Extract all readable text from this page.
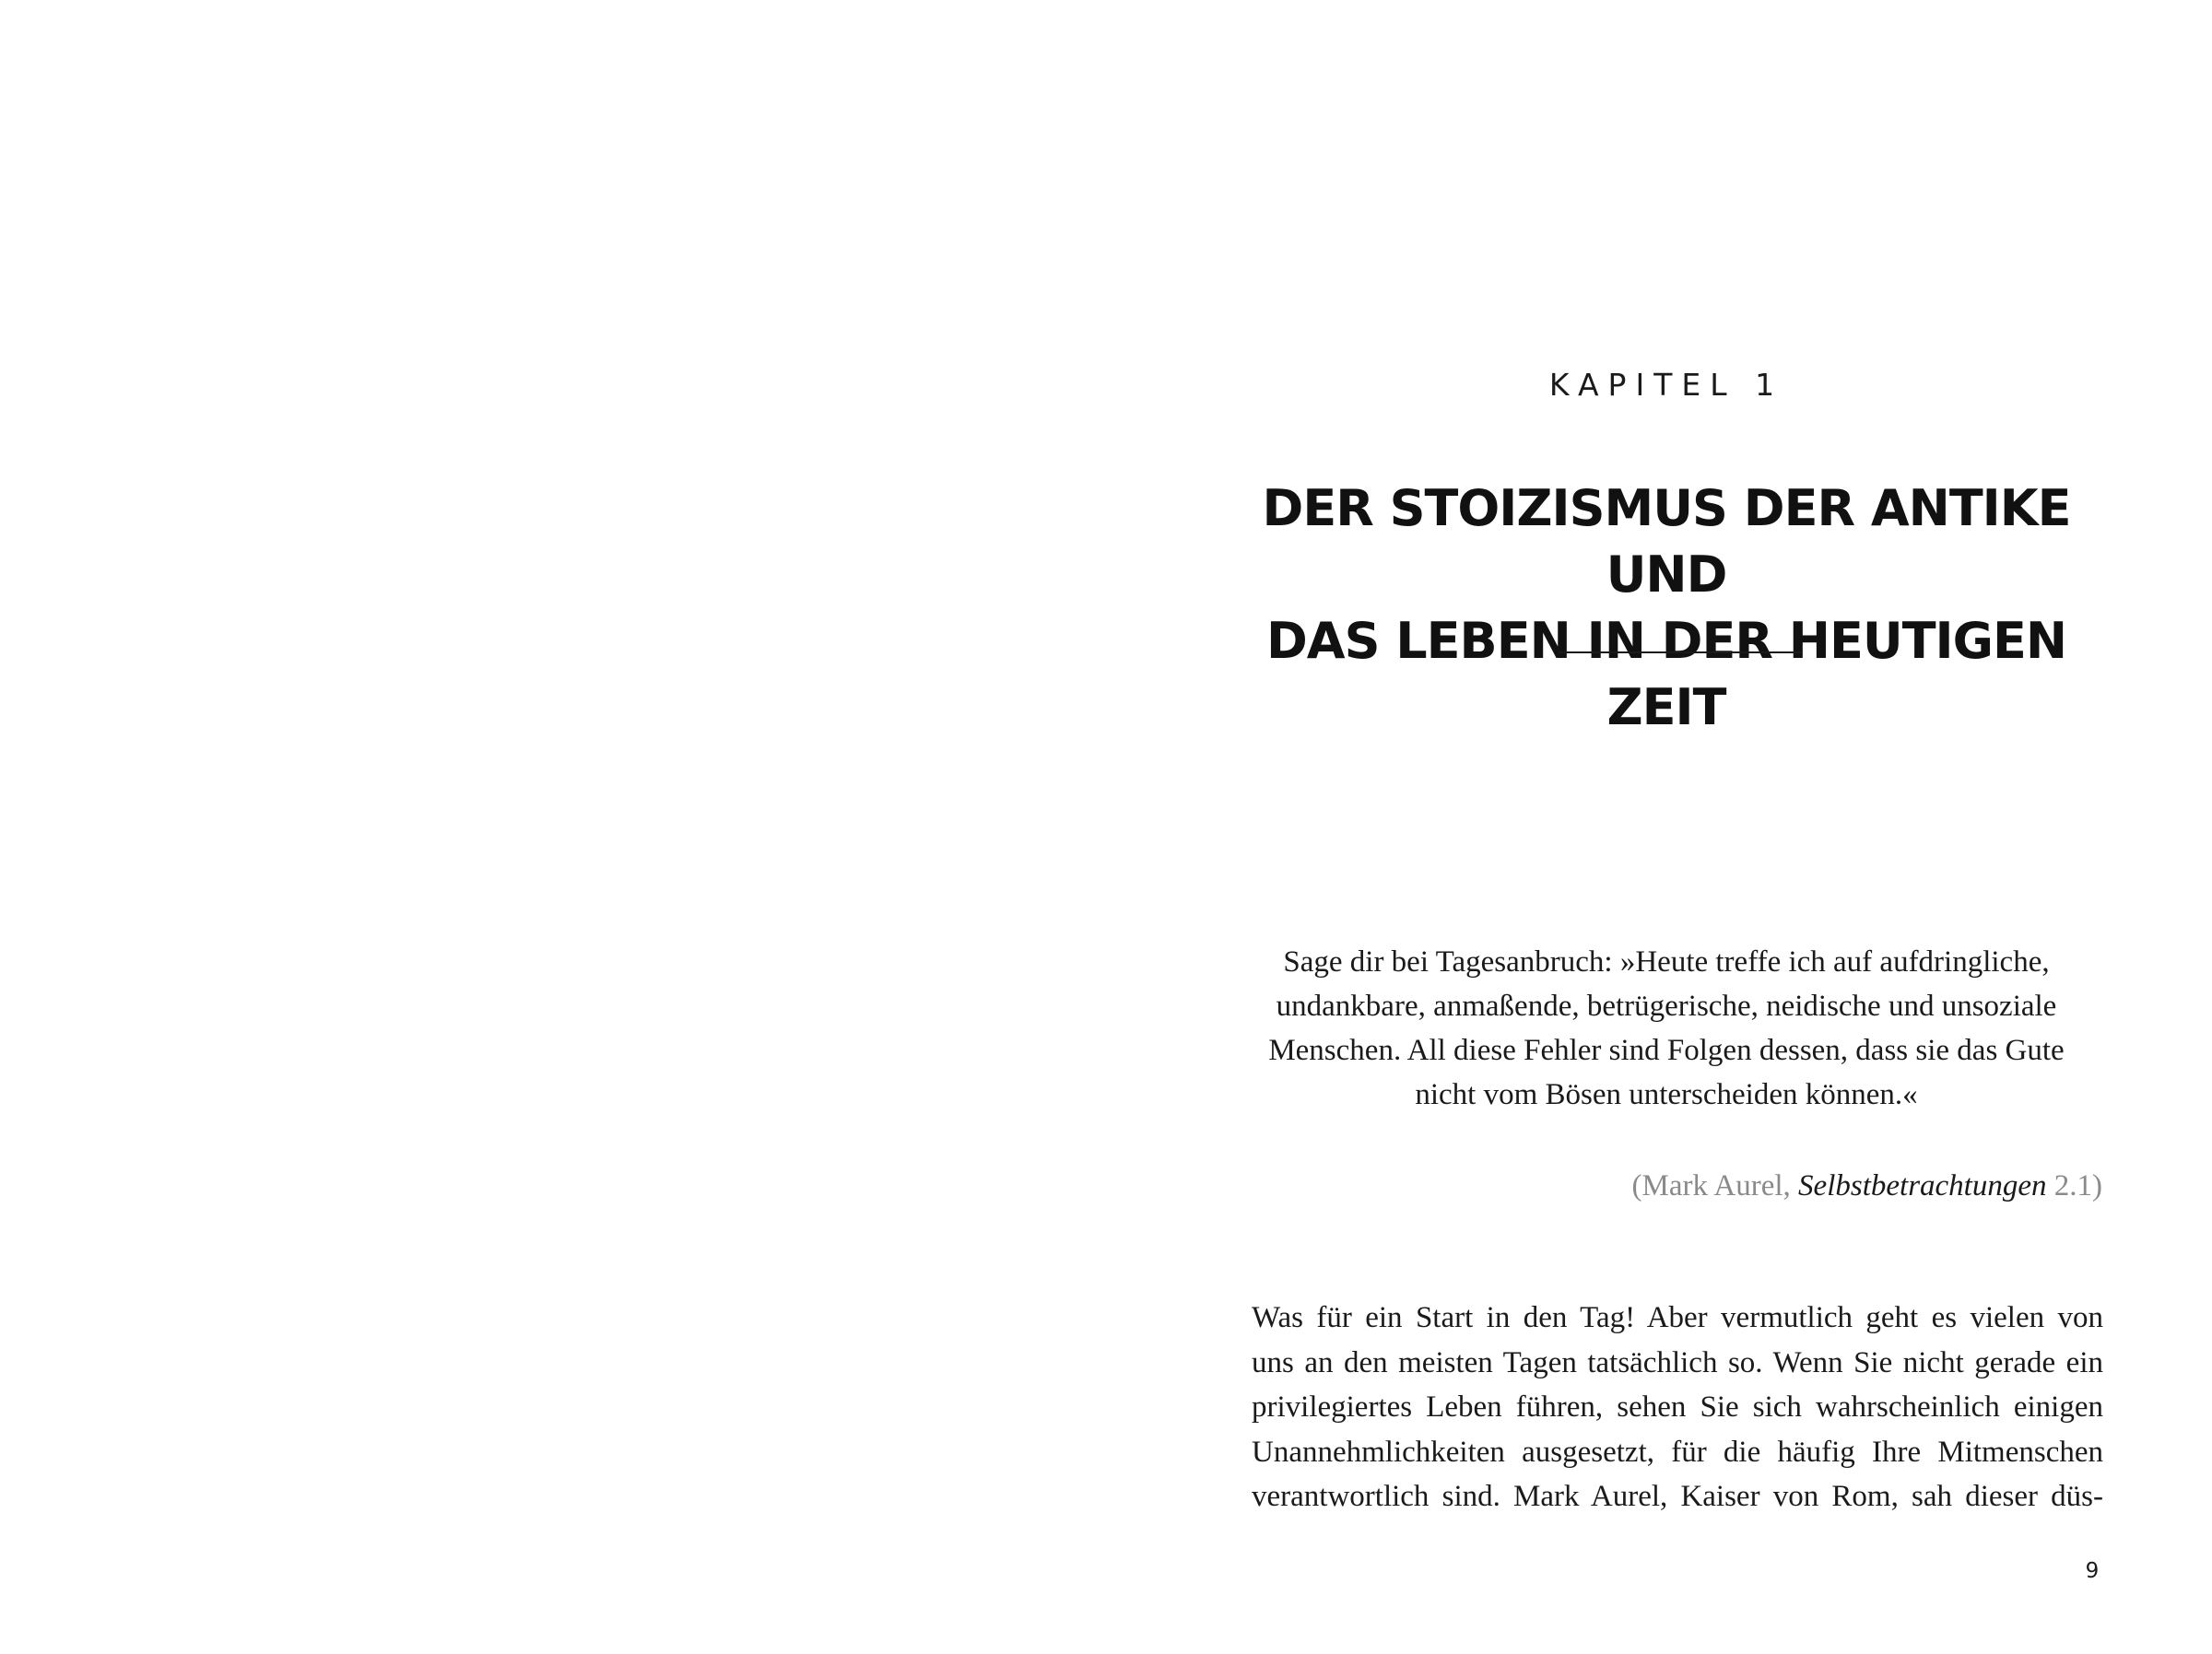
KAPITEL 1
DER STOIZISMUS DER ANTIKE UND
DAS LEBEN IN DER HEUTIGEN ZEIT
Sage dir bei Tagesanbruch: »Heute treffe ich auf aufdringliche,
undankbare, anmaßende, betrügerische, neidische und unsoziale
Menschen. All diese Fehler sind Folgen dessen, dass sie das Gute
nicht vom Bösen unterscheiden können.«
(Mark Aurel, Selbstbetrachtungen 2.1)
Was für ein Start in den Tag! Aber vermutlich geht es vielen von
uns an den meisten Tagen tatsächlich so. Wenn Sie nicht gerade ein
privilegiertes Leben führen, sehen Sie sich wahrscheinlich einigen
Unannehmlichkeiten ausgesetzt, für die häufig Ihre Mitmenschen
verantwortlich sind. Mark Aurel, Kaiser von Rom, sah dieser düs-
9
